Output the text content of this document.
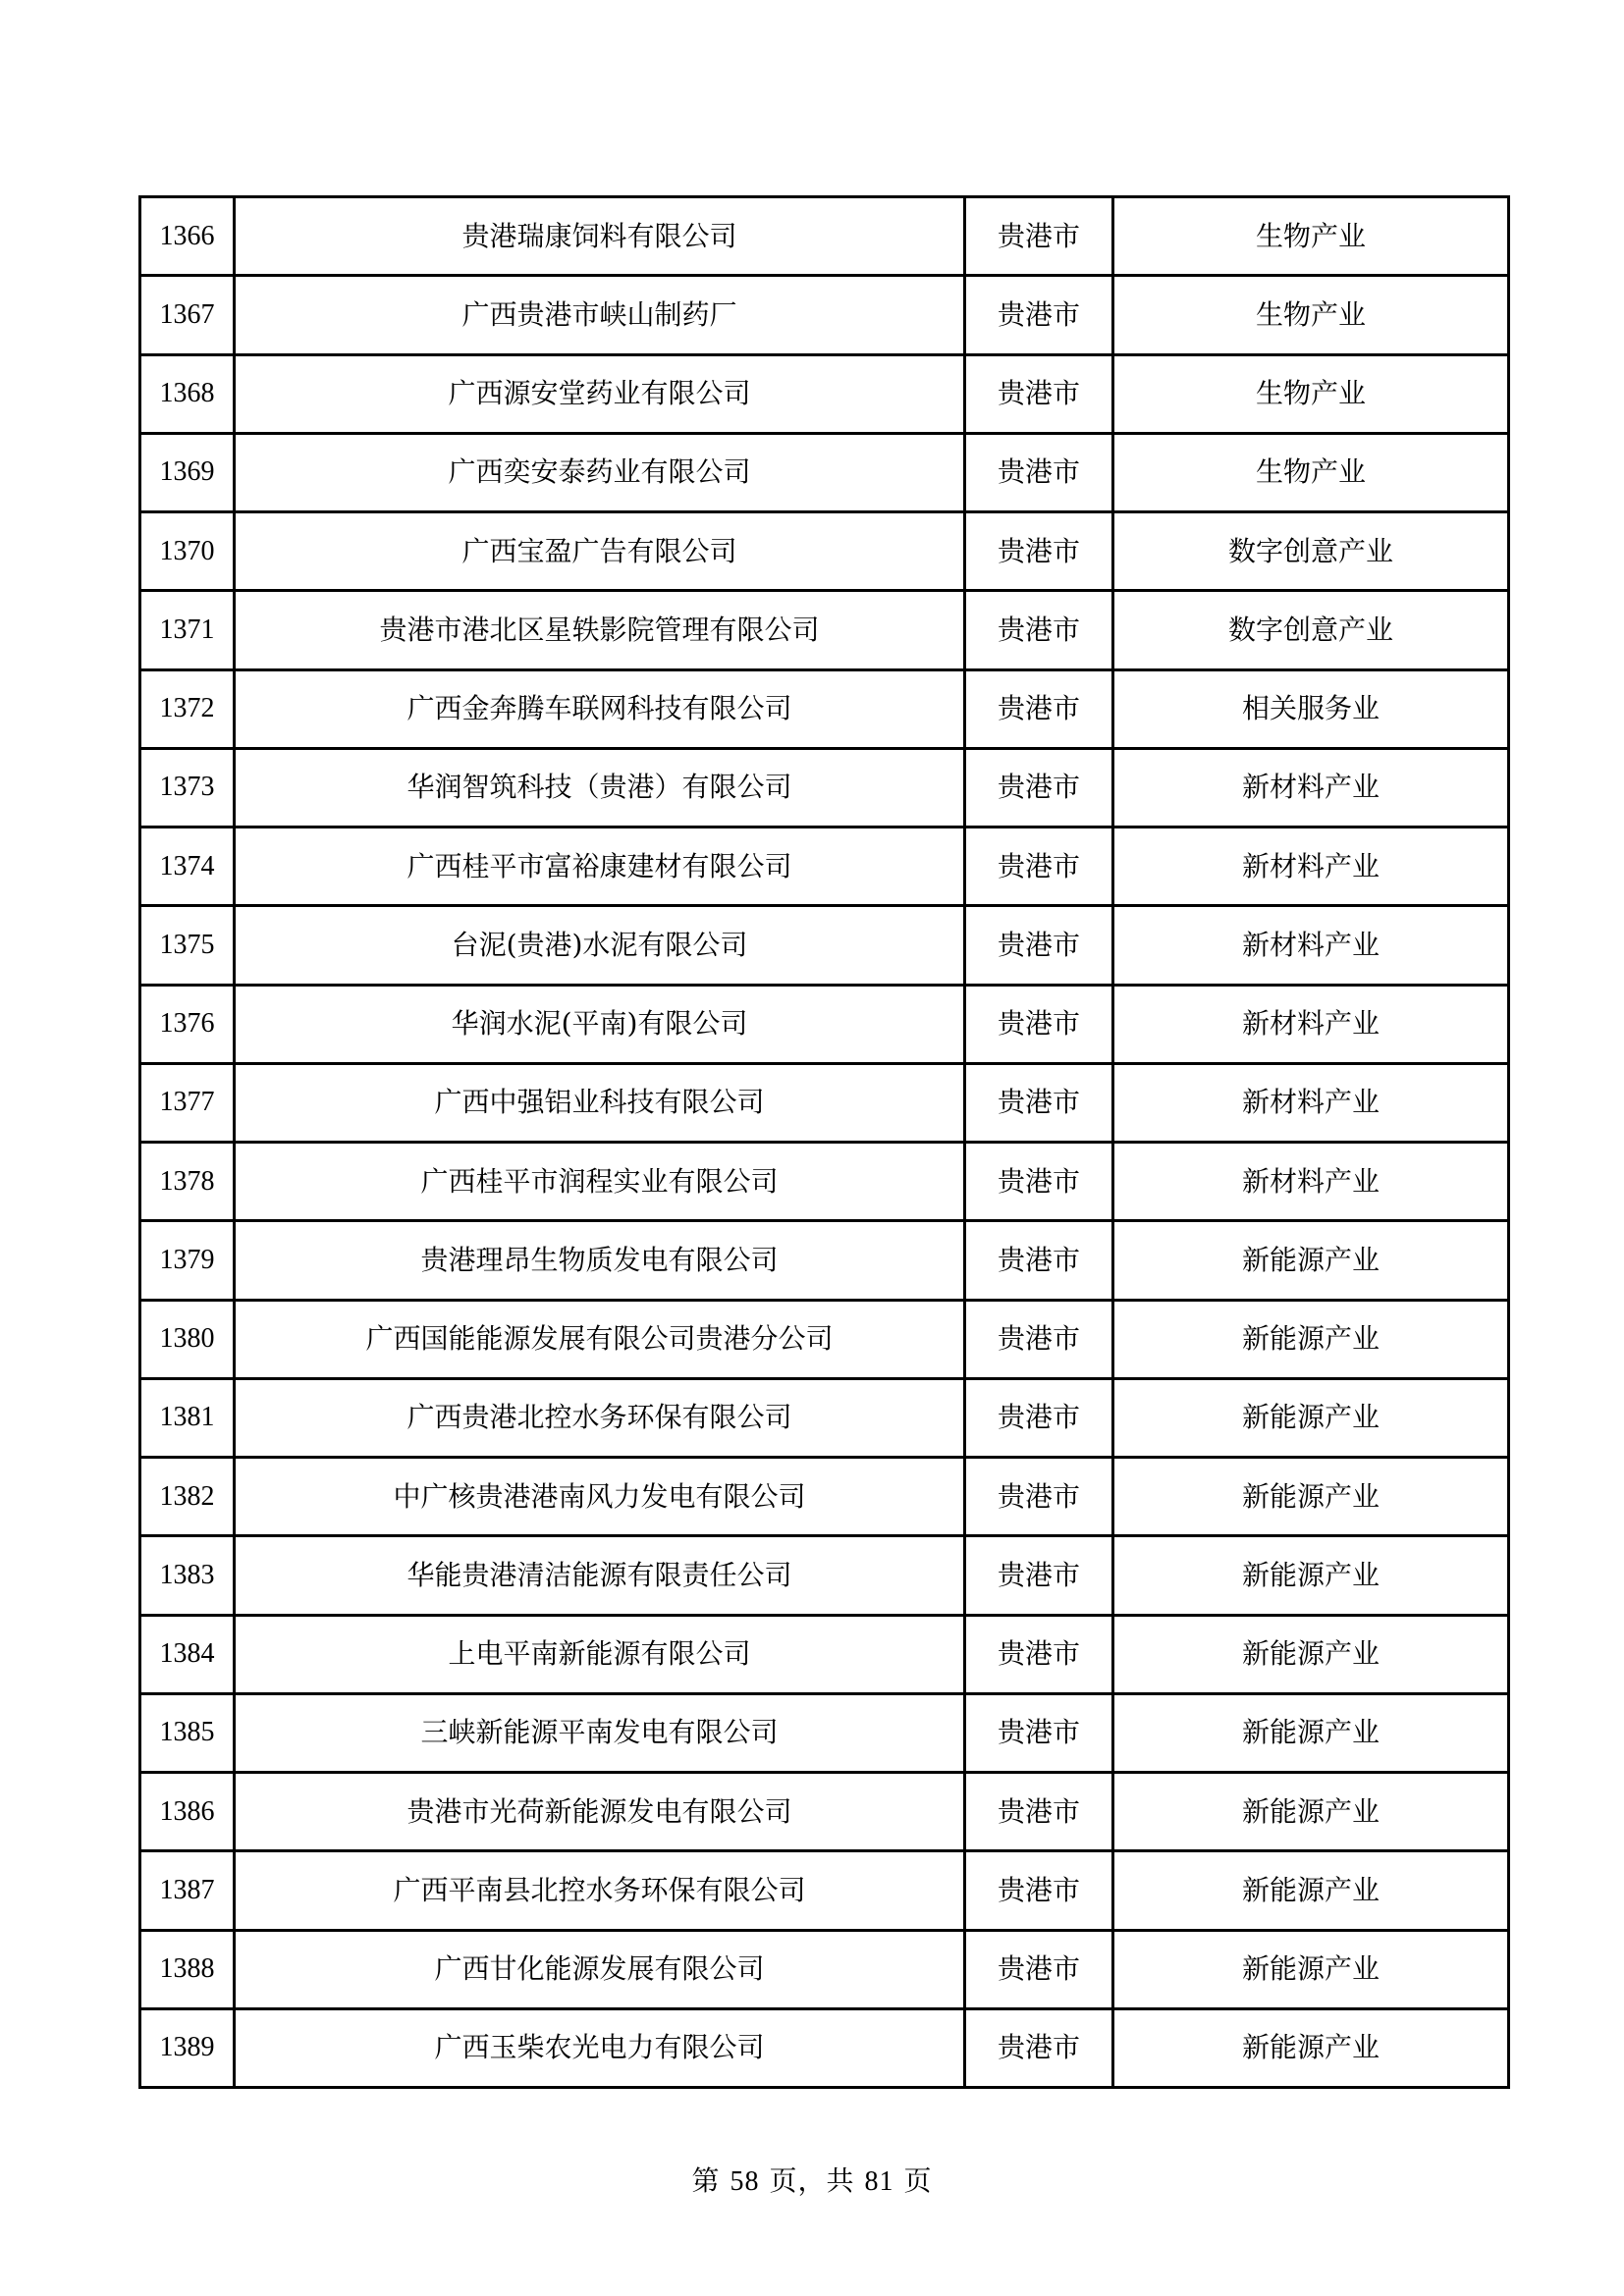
1366	贵港瑞康饲料有限公司	贵港市	生物产业
1367	广西贵港市峡山制药厂	贵港市	生物产业
1368	广西源安堂药业有限公司	贵港市	生物产业
1369	广西奕安泰药业有限公司	贵港市	生物产业
1370	广西宝盈广告有限公司	贵港市	数字创意产业
1371	贵港市港北区星轶影院管理有限公司	贵港市	数字创意产业
1372	广西金奔腾车联网科技有限公司	贵港市	相关服务业
1373	华润智筑科技（贵港）有限公司	贵港市	新材料产业
1374	广西桂平市富裕康建材有限公司	贵港市	新材料产业
1375	台泥(贵港)水泥有限公司	贵港市	新材料产业
1376	华润水泥(平南)有限公司	贵港市	新材料产业
1377	广西中强铝业科技有限公司	贵港市	新材料产业
1378	广西桂平市润程实业有限公司	贵港市	新材料产业
1379	贵港理昂生物质发电有限公司	贵港市	新能源产业
1380	广西国能能源发展有限公司贵港分公司	贵港市	新能源产业
1381	广西贵港北控水务环保有限公司	贵港市	新能源产业
1382	中广核贵港港南风力发电有限公司	贵港市	新能源产业
1383	华能贵港清洁能源有限责任公司	贵港市	新能源产业
1384	上电平南新能源有限公司	贵港市	新能源产业
1385	三峡新能源平南发电有限公司	贵港市	新能源产业
1386	贵港市光荷新能源发电有限公司	贵港市	新能源产业
1387	广西平南县北控水务环保有限公司	贵港市	新能源产业
1388	广西甘化能源发展有限公司	贵港市	新能源产业
1389	广西玉柴农光电力有限公司	贵港市	新能源产业
第 58 页，共 81 页
